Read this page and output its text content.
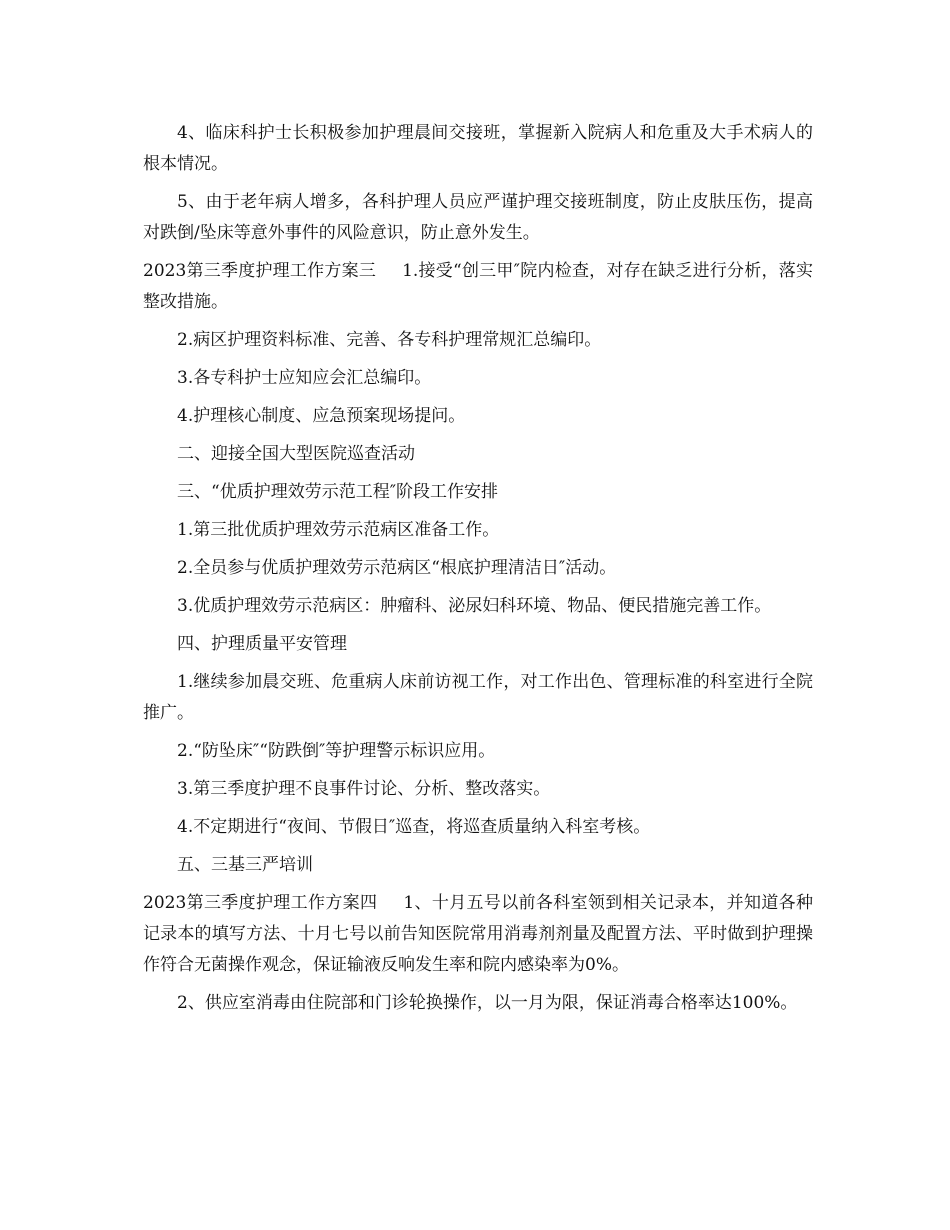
4、临床科护士长积极参加护理晨间交接班，掌握新入院病人和危重及大手术病人的根本情况。

5、由于老年病人增多，各科护理人员应严谨护理交接班制度，防止皮肤压伤，提高对跌倒/坠床等意外事件的风险意识，防止意外发生。

2023第三季度护理工作方案三 1.接受“创三甲″院内检查，对存在缺乏进行分析，落实整改措施。

2.病区护理资料标准、完善、各专科护理常规汇总编印。

3.各专科护士应知应会汇总编印。

4.护理核心制度、应急预案现场提问。

二、迎接全国大型医院巡查活动

三、“优质护理效劳示范工程″阶段工作安排

1.第三批优质护理效劳示范病区准备工作。

2.全员参与优质护理效劳示范病区“根底护理清洁日″活动。

3.优质护理效劳示范病区：肿瘤科、泌尿妇科环境、物品、便民措施完善工作。

四、护理质量平安管理

1.继续参加晨交班、危重病人床前访视工作，对工作出色、管理标准的科室进行全院推广。

2.“防坠床″“防跌倒″等护理警示标识应用。

3.第三季度护理不良事件讨论、分析、整改落实。

4.不定期进行“夜间、节假日″巡查，将巡查质量纳入科室考核。

五、三基三严培训

2023第三季度护理工作方案四 1、十月五号以前各科室领到相关记录本，并知道各种记录本的填写方法、十月七号以前告知医院常用消毒剂剂量及配置方法、平时做到护理操作符合无菌操作观念，保证输液反响发生率和院内感染率为0%。

2、供应室消毒由住院部和门诊轮换操作，以一月为限，保证消毒合格率达100%。
